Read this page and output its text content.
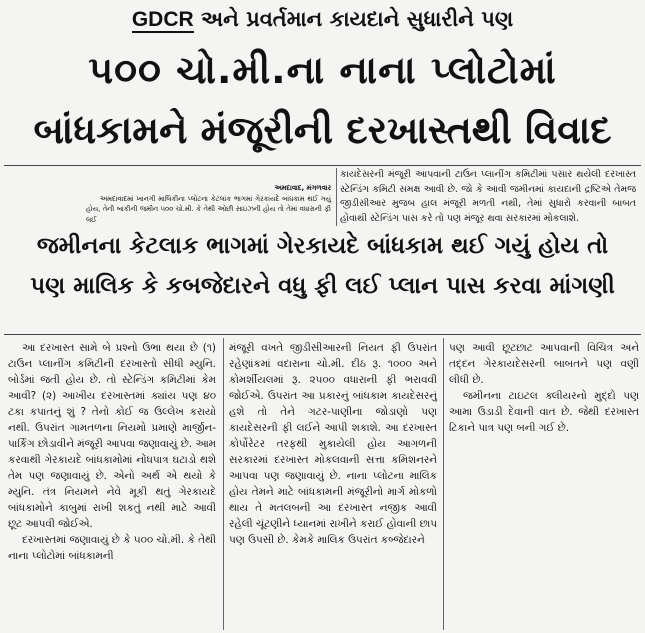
GDCR અને પ્રવર્તમાન કાયદાને સુધારીને પણ
૫૦૦ ચો.મી.ના નાના પ્લોટોમાં
બાંધકામને મંજૂરીની દરખાસ્તથી વિવાદ

અમદાવાદ, મંગળવાર

અમદાવાદમાં ખાનગી માલિકીના પ્લોટના કેટલાંક ભાગમાં ગેરકાયદે બાંધકામ થઈ ગયું હોય, તેની બાકીની જમીન ૫૦૦ ચો.મી. કે તેથી ઓછી સાઇઝની હોય તો તેમાં વધારાની ફી લઈ

કાયદેસરની મંજૂરી આપવાની ટાઉન પ્લાનીંગ કમિટીમાં પસાર થયેલી દરખાસ્ત સ્ટેન્ડિંગ કમિટી સમક્ષ આવી છે. જો કે આવી જમીનમાં કાયદાની દ્રષ્ટિએ તેમજ જીડીસીઆર મુજબ હાલ મંજૂરી મળતી નથી, તેમાં સુધારો કરવાની બાબત હોવાથી સ્ટેન્ડિંગ પાસ કરે તો પણ મંજૂર થવા સરકારમાં મોકલાશે.

જમીનના કેટલાક ભાગમાં ગેરકાયદે બાંધકામ થઈ ગયું હોય તો
પણ માલિક કે કબજેદારને વધુ ફી લઈ પ્લાન પાસ કરવા માંગણી

આ દરખાસ્ત સામે બે પ્રશ્નો ઉભા થયા છે (૧) ટાઉન પ્લાનીંગ કમિટીની દરખાસ્તો સીધી મ્યુનિ. બોર્ડમાં જતી હોય છે. તો સ્ટેન્ડિંગ કમિટીમાં કેમ આવી? (૨) આખીય દરખાસ્તમાં ક્યાંય પણ ૪૦ ટકા કપાતનું શું ? તેનો કોઈ જ ઉલ્લેખ કરાયો નથી. ઉપરાંત ગામતળના નિયમો પ્રમાણે માર્જીન-પાર્કિંગ છોડાવીને મંજૂરી આપવા જણાવાયું છે. આમ કરવાથી ગેરકાયદે બાંધકામોમાં નોંધપાત્ર ઘટાડો થશે તેમ પણ જણાવાયું છે. એનો અર્થ એ થયો કે મ્યુનિ. તંત્ર નિયમને નેવે મૂકી થતું ગેરકાયદે બાંધકામોને કાબુમાં રાખી શકતું નથી માટે આવી છૂટ આપવી જોઈએ.

દરખાસ્તમાં જણાવાયું છે કે ૫૦૦ ચો.મી. કે તેથી નાના પ્લોટોમાં બાંધકામની

મંજૂરી વખતે જીડીસીઆરની નિયત ફી ઉપરાંત રહેણાંકમાં વદારાના ચો.મી. દીઠ રૂ. ૧૦૦૦ અને કોમર્શીયલમાં રૂ. ૨૫૦૦ વધારાની ફી ભરાવવી જોઈએ. ઉપરાંત આ પ્રકારનું બાંધકામ કાયદેસરનું હશે તો તેને ગટર-પાણીના જોડાણો પણ કાયદેસરની ફી લઈને આપી શકાશે. આ દરખાસ્ત કોર્પોરેટર તરફથી મુકાયેલી હોય આગળની સરકારમાં દરખાસ્ત મોકલવાની સત્તા કમિશનરને આપવા પણ જણાવાયું છે. નાના પ્લોટના માલિક હોય તેમને માટે બાંધકામની મંજૂરીનો માર્ગ મોકળો થાય તે મતલબની આ દરખાસ્ત નજીક આવી રહેલી ચૂંટણીને ધ્યાનમાં રાખીને કરાઈ હોવાની છાપ પણ ઉપસી છે. કેમકે માલિક ઉપરાંત કબ્જેદારને

પણ આવી છૂટછાટ આપવાની વિચિત્ર અને તદ્દન ગેરકાયદેસરની બાબતને પણ વણી લીધી છે.

જમીનના ટાઇટલ ક્લીયરનો મુદ્દો પણ આમા ઉડાડી દેવાની વાત છે. જેથી દરખાસ્ત ટિકાને પાત્ર પણ બની ગઈ છે.
